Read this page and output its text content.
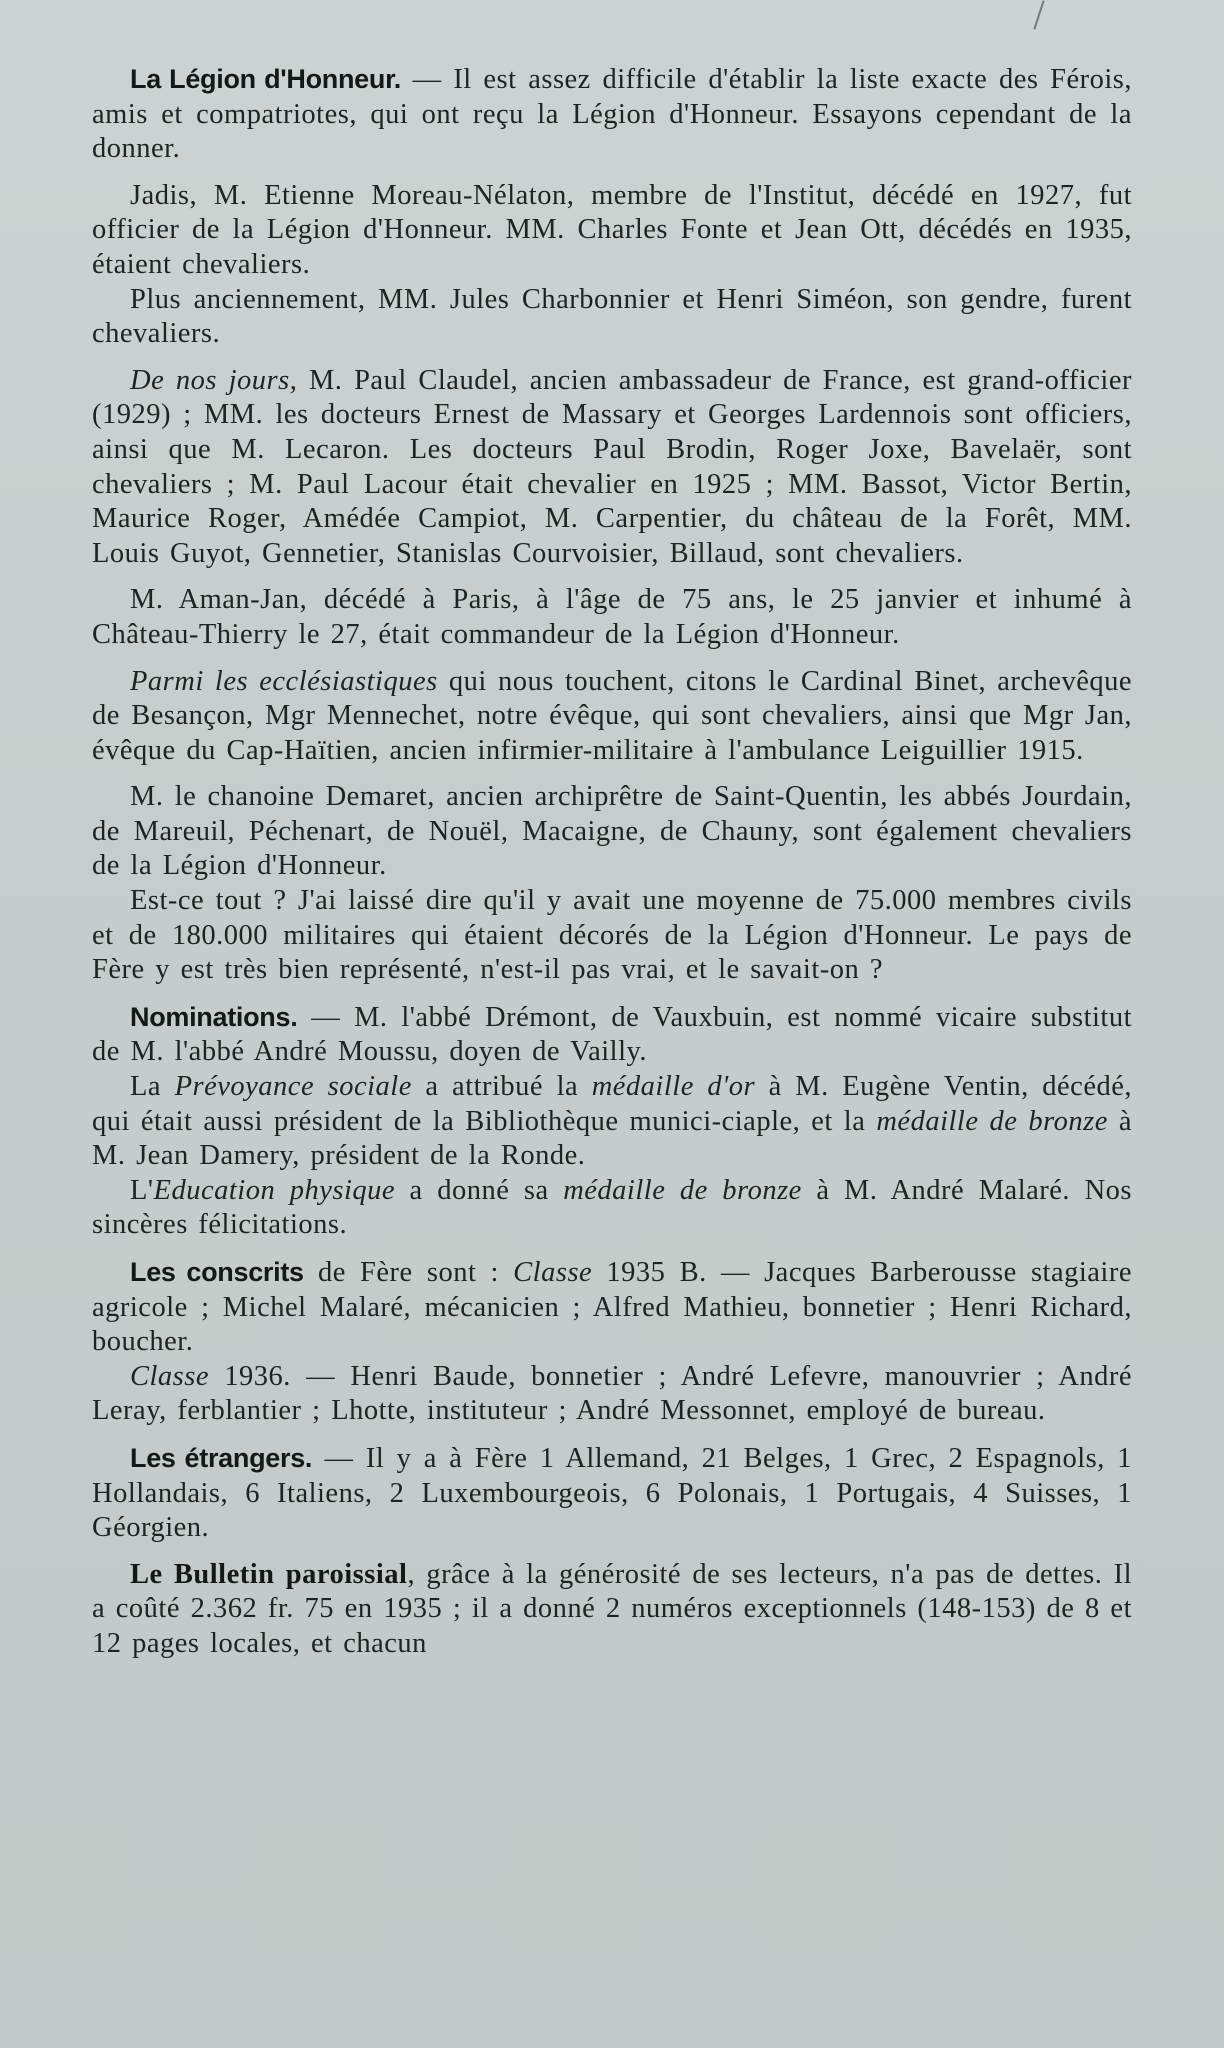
La Légion d'Honneur. — Il est assez difficile d'établir la liste exacte des Férois, amis et compatriotes, qui ont reçu la Légion d'Honneur. Essayons cependant de la donner.

Jadis, M. Etienne Moreau-Nélaton, membre de l'Institut, décédé en 1927, fut officier de la Légion d'Honneur. MM. Charles Fonte et Jean Ott, décédés en 1935, étaient chevaliers.

Plus anciennement, MM. Jules Charbonnier et Henri Siméon, son gendre, furent chevaliers.

De nos jours, M. Paul Claudel, ancien ambassadeur de France, est grand-officier (1929) ; MM. les docteurs Ernest de Massary et Georges Lardennois sont officiers, ainsi que M. Lecaron. Les docteurs Paul Brodin, Roger Joxe, Bavelaër, sont chevaliers ; M. Paul Lacour était chevalier en 1925 ; MM. Bassot, Victor Bertin, Maurice Roger, Amédée Campiot, M. Carpentier, du château de la Forêt, MM. Louis Guyot, Gennetier, Stanislas Courvoisier, Billaud, sont chevaliers.

M. Aman-Jan, décédé à Paris, à l'âge de 75 ans, le 25 janvier et inhumé à Château-Thierry le 27, était commandeur de la Légion d'Honneur.

Parmi les ecclésiastiques qui nous touchent, citons le Cardinal Binet, archevêque de Besançon, Mgr Mennechet, notre évêque, qui sont chevaliers, ainsi que Mgr Jan, évêque du Cap-Haïtien, ancien infirmier-militaire à l'ambulance Leiguillier 1915.

M. le chanoine Demaret, ancien archiprêtre de Saint-Quentin, les abbés Jourdain, de Mareuil, Péchenart, de Nouël, Macaigne, de Chauny, sont également chevaliers de la Légion d'Honneur.

Est-ce tout ? J'ai laissé dire qu'il y avait une moyenne de 75.000 membres civils et de 180.000 militaires qui étaient décorés de la Légion d'Honneur. Le pays de Fère y est très bien représenté, n'est-il pas vrai, et le savait-on ?

Nominations. — M. l'abbé Drémont, de Vauxbuin, est nommé vicaire substitut de M. l'abbé André Moussu, doyen de Vailly.

La Prévoyance sociale a attribué la médaille d'or à M. Eugène Ventin, décédé, qui était aussi président de la Bibliothèque munici-ciaple, et la médaille de bronze à M. Jean Damery, président de la Ronde.

L'Education physique a donné sa médaille de bronze à M. André Malaré. Nos sincères félicitations.

Les conscrits de Fère sont : Classe 1935 B. — Jacques Barberousse stagiaire agricole ; Michel Malaré, mécanicien ; Alfred Mathieu, bonnetier ; Henri Richard, boucher.

Classe 1936. — Henri Baude, bonnetier ; André Lefevre, manouvrier ; André Leray, ferblantier ; Lhotte, instituteur ; André Messonnet, employé de bureau.

Les étrangers. — Il y a à Fère 1 Allemand, 21 Belges, 1 Grec, 2 Espagnols, 1 Hollandais, 6 Italiens, 2 Luxembourgeois, 6 Polonais, 1 Portugais, 4 Suisses, 1 Géorgien.

Le Bulletin paroissial, grâce à la générosité de ses lecteurs, n'a pas de dettes. Il a coûté 2.362 fr. 75 en 1935 ; il a donné 2 numéros exceptionnels (148-153) de 8 et 12 pages locales, et chacun
